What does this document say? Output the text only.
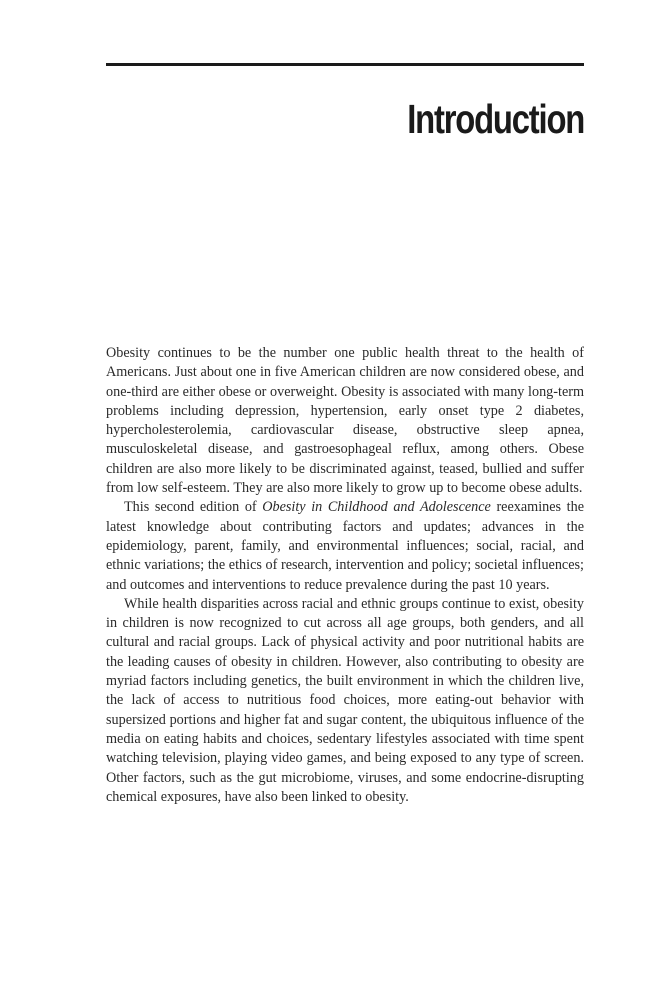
Introduction

Obesity continues to be the number one public health threat to the health of Americans. Just about one in five American children are now considered obese, and one-third are either obese or overweight. Obesity is associated with many long-term problems including depression, hypertension, early onset type 2 diabetes, hypercholesterolemia, cardiovascular disease, obstructive sleep apnea, musculoskeletal disease, and gastroesophageal reflux, among others. Obese children are also more likely to be discriminated against, teased, bullied and suffer from low self-esteem. They are also more likely to grow up to become obese adults.

This second edition of Obesity in Childhood and Adolescence reexamines the latest knowledge about contributing factors and updates; advances in the epidemiology, parent, family, and environmental influences; social, racial, and ethnic variations; the ethics of research, intervention and policy; societal influences; and outcomes and interventions to reduce prevalence during the past 10 years.

While health disparities across racial and ethnic groups continue to exist, obesity in children is now recognized to cut across all age groups, both genders, and all cultural and racial groups. Lack of physical activity and poor nutritional habits are the leading causes of obesity in children. However, also contributing to obesity are myriad factors including genetics, the built environment in which the children live, the lack of access to nutritious food choices, more eating-out behavior with supersized portions and higher fat and sugar content, the ubiquitous influence of the media on eating habits and choices, sedentary lifestyles associated with time spent watching television, playing video games, and being exposed to any type of screen. Other factors, such as the gut microbiome, viruses, and some endocrine-disrupting chemical exposures, have also been linked to obesity.
